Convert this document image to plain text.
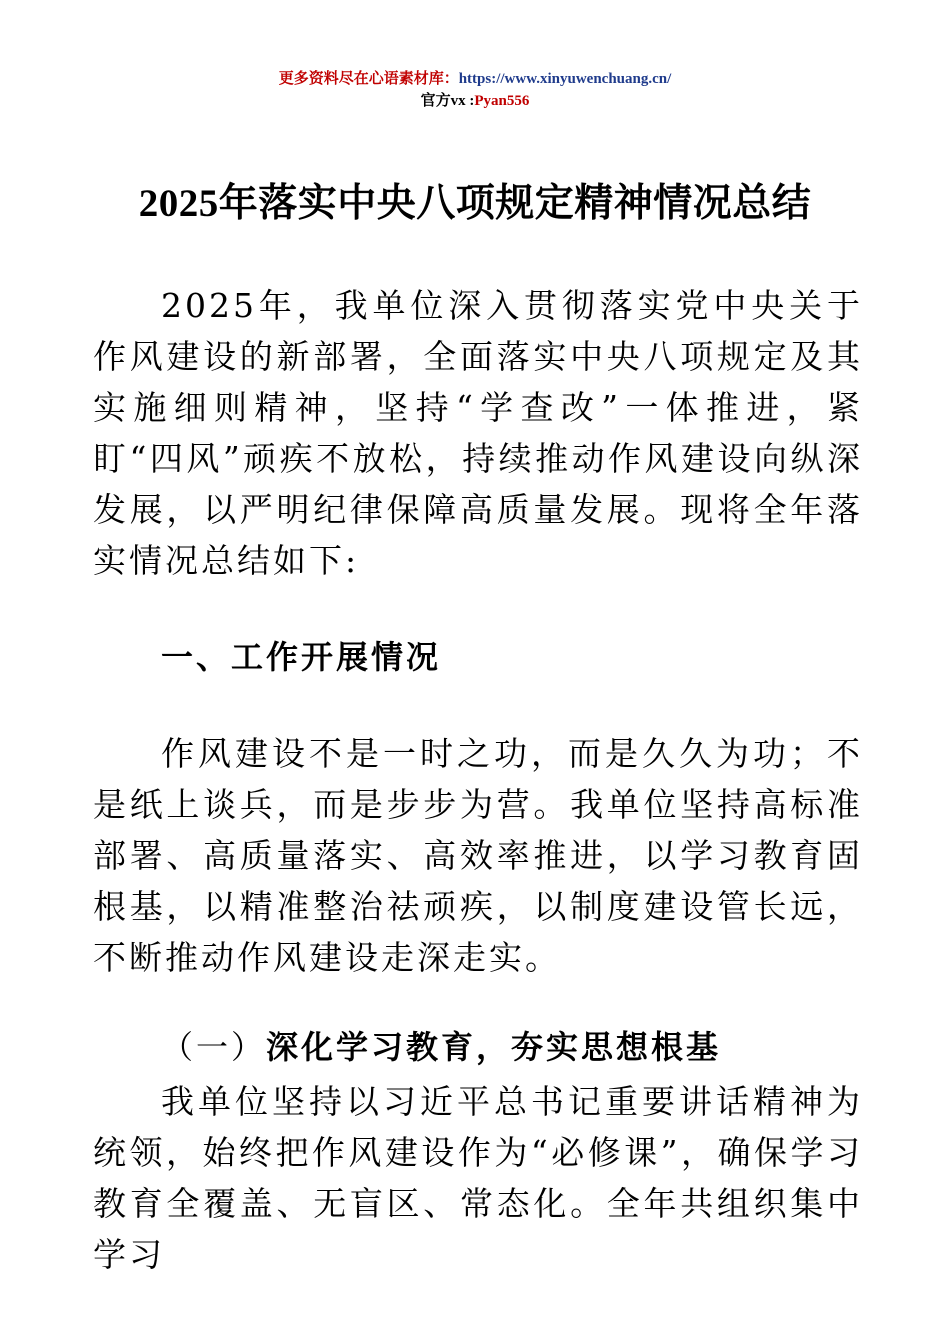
更多资料尽在心语素材库：https://www.xinyuwenchuang.cn/
官方vx :Pyan556
2025年落实中央八项规定精神情况总结
2025年，我单位深入贯彻落实党中央关于作风建设的新部署，全面落实中央八项规定及其实施细则精神，坚持“学查改”一体推进，紧盯“四风”顽疾不放松，持续推动作风建设向纵深发展，以严明纪律保障高质量发展。现将全年落实情况总结如下:
一、工作开展情况
作风建设不是一时之功，而是久久为功；不是纸上谈兵，而是步步为营。我单位坚持高标准部署、高质量落实、高效率推进，以学习教育固根基，以精准整治祛顽疾，以制度建设管长远，不断推动作风建设走深走实。
（一）深化学习教育，夯实思想根基
我单位坚持以习近平总书记重要讲话精神为统领，始终把作风建设作为“必修课”，确保学习教育全覆盖、无盲区、常态化。全年共组织集中学习
